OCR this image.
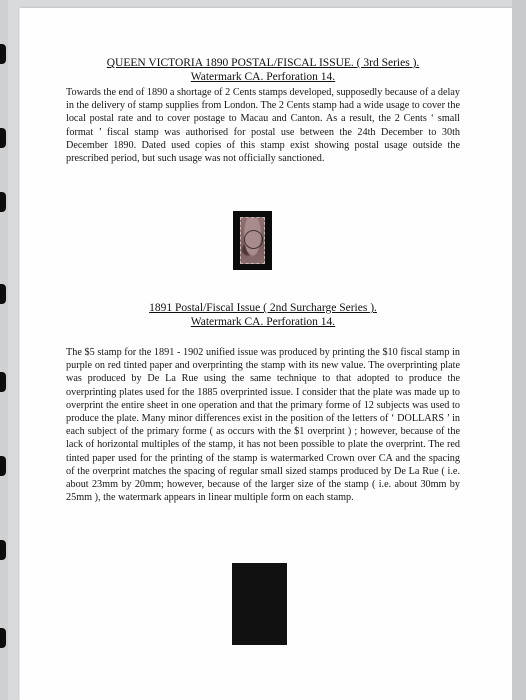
QUEEN VICTORIA 1890 POSTAL/FISCAL ISSUE. ( 3rd Series ).
Watermark CA. Perforation 14.

Towards the end of 1890 a shortage of 2 Cents stamps developed, supposedly because of a delay in the delivery of stamp supplies from London. The 2 Cents stamp had a wide usage to cover the local postal rate and to cover postage to Macau and Canton. As a result, the 2 Cents ‘ small format ’ fiscal stamp was authorised for postal use between the 24th December to 30th December 1890. Dated used copies of this stamp exist showing postal usage outside the prescribed period, but such usage was not officially sanctioned.

1891 Postal/Fiscal Issue ( 2nd Surcharge Series ).
Watermark CA. Perforation 14.

The $5 stamp for the 1891 - 1902 unified issue was produced by printing the $10 fiscal stamp in purple on red tinted paper and overprinting the stamp with its new value. The overprinting plate was produced by De La Rue using the same technique to that adopted to produce the overprinting plates used for the 1885 overprinted issue. I consider that the plate was made up to overprint the entire sheet in one operation and that the primary forme of 12 subjects was used to produce the plate. Many minor differences exist in the position of the letters of ‘ DOLLARS ’ in each subject of the primary forme ( as occurs with the $1 overprint ) ; however, because of the lack of horizontal multiples of the stamp, it has not been possible to plate the overprint. The red tinted paper used for the printing of the stamp is watermarked Crown over CA and the spacing of the overprint matches the spacing of regular small sized stamps produced by De La Rue ( i.e. about 23mm by 20mm; however, because of the larger size of the stamp ( i.e. about 30mm by 25mm ), the watermark appears in linear multiple form on each stamp.
